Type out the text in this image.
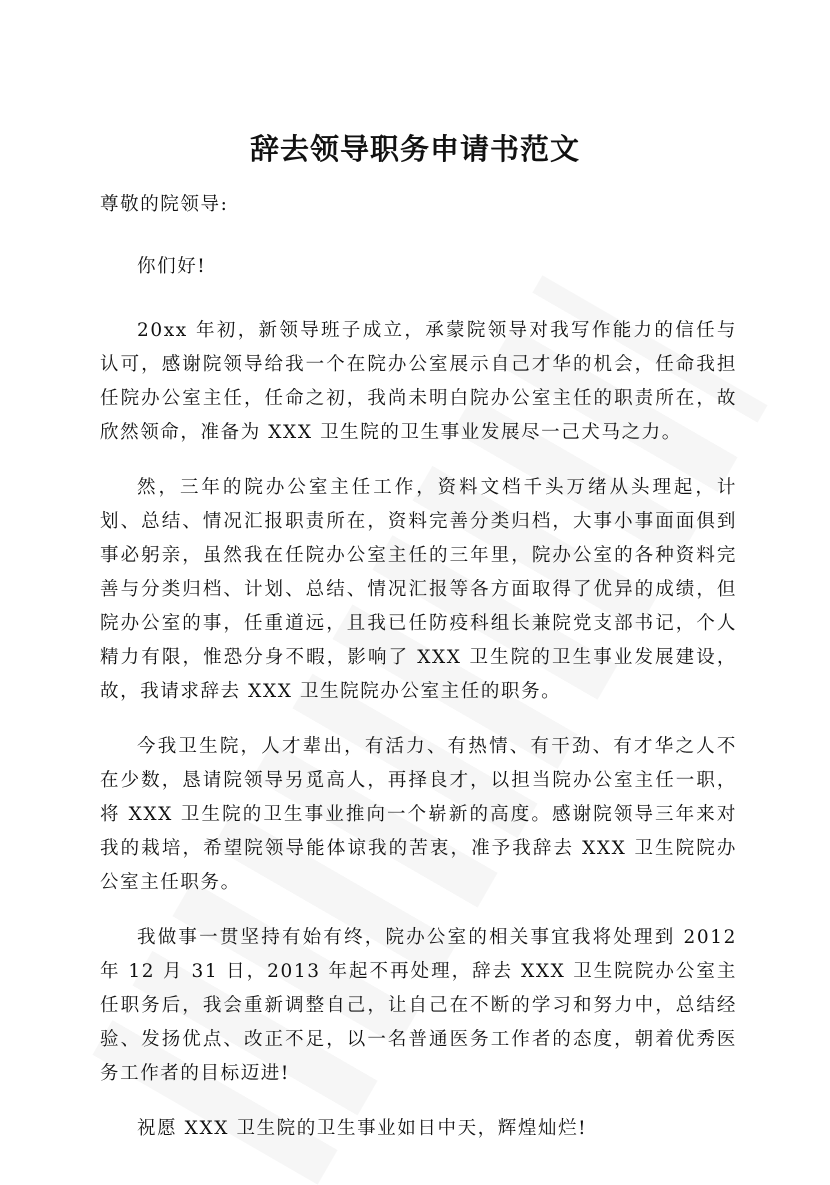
辞去领导职务申请书范文

尊敬的院领导:

你们好!

20xx 年初，新领导班子成立，承蒙院领导对我写作能力的信任与认可，感谢院领导给我一个在院办公室展示自己才华的机会，任命我担任院办公室主任，任命之初，我尚未明白院办公室主任的职责所在，故欣然领命，准备为 XXX 卫生院的卫生事业发展尽一己犬马之力。

然，三年的院办公室主任工作，资料文档千头万绪从头理起，计划、总结、情况汇报职责所在，资料完善分类归档，大事小事面面俱到事必躬亲，虽然我在任院办公室主任的三年里，院办公室的各种资料完善与分类归档、计划、总结、情况汇报等各方面取得了优异的成绩，但院办公室的事，任重道远，且我已任防疫科组长兼院党支部书记，个人精力有限，惟恐分身不暇，影响了 XXX 卫生院的卫生事业发展建设，故，我请求辞去 XXX 卫生院院办公室主任的职务。

今我卫生院，人才辈出，有活力、有热情、有干劲、有才华之人不在少数，恳请院领导另觅高人，再择良才，以担当院办公室主任一职，将 XXX 卫生院的卫生事业推向一个崭新的高度。感谢院领导三年来对我的栽培，希望院领导能体谅我的苦衷，准予我辞去 XXX 卫生院院办公室主任职务。

我做事一贯坚持有始有终，院办公室的相关事宜我将处理到 2012 年 12 月 31 日，2013 年起不再处理，辞去 XXX 卫生院院办公室主任职务后，我会重新调整自己，让自己在不断的学习和努力中，总结经验、发扬优点、改正不足，以一名普通医务工作者的态度，朝着优秀医务工作者的目标迈进!

祝愿 XXX 卫生院的卫生事业如日中天，辉煌灿烂!
